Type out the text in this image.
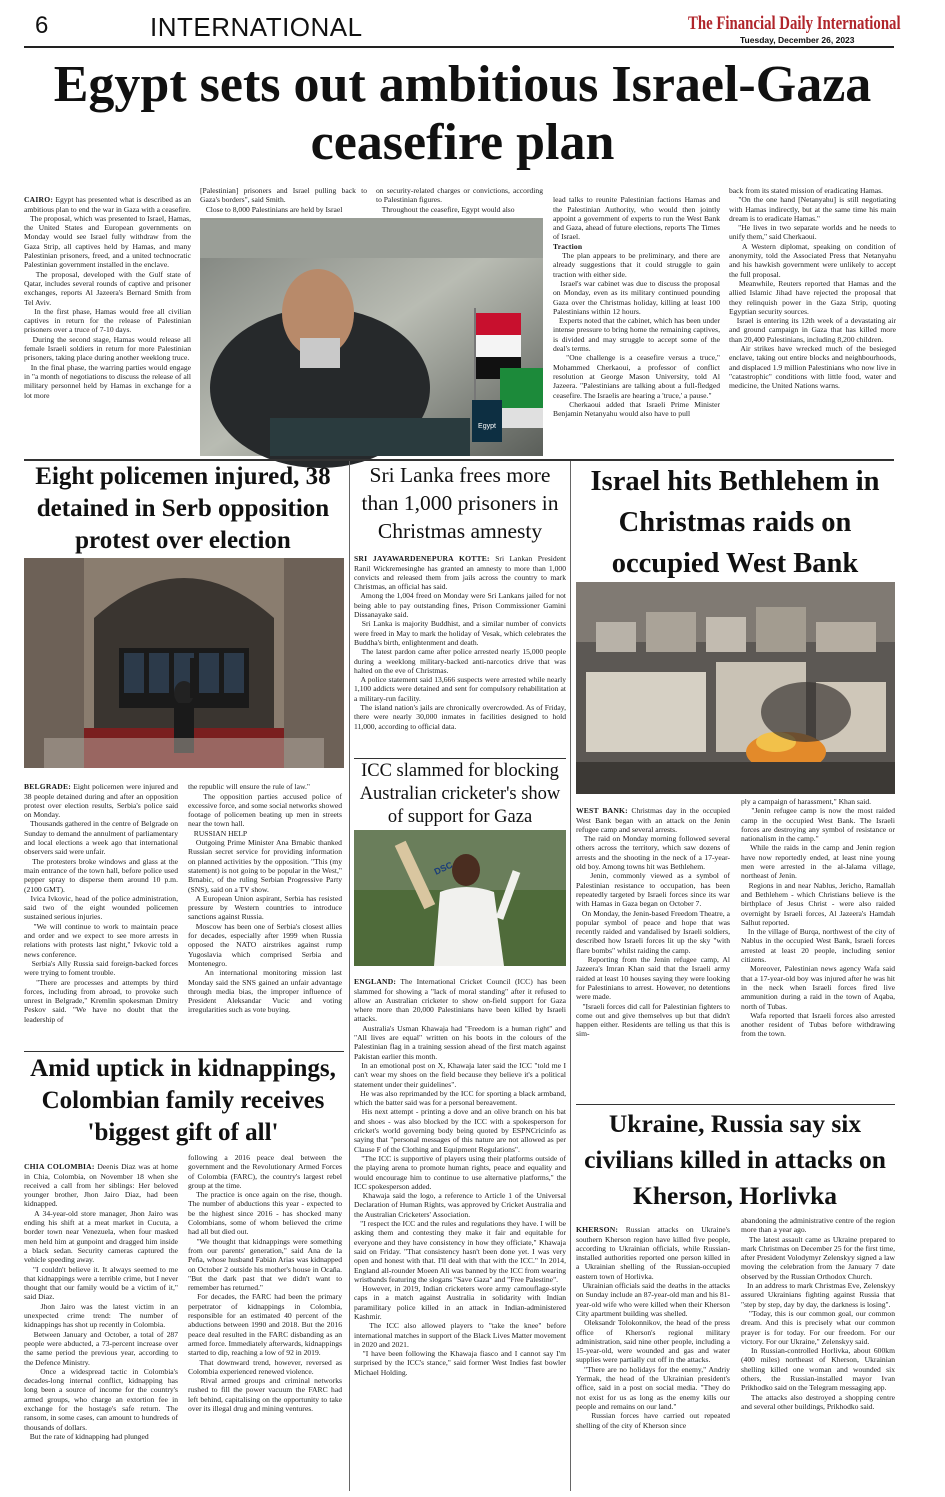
6	INTERNATIONAL	The Financial Daily International
Tuesday, December 26, 2023
Egypt sets out ambitious Israel-Gaza
ceasefire plan

CAIRO: Egypt has presented what is described as an ambitious plan to end the war in Gaza with a ceasefire.
The proposal, which was presented to Israel, Hamas, the United States and European governments on Monday would see Israel fully withdraw from the Gaza Strip, all captives held by Hamas, and many Palestinian prisoners, freed, and a united technocratic Palestinian government installed in the enclave.
The proposal, developed with the Gulf state of Qatar, includes several rounds of captive and prisoner exchanges, reports Al Jazeera's Bernard Smith from Tel Aviv.
In the first phase, Hamas would free all civilian captives in return for the release of Palestinian prisoners over a truce of 7-10 days.
During the second stage, Hamas would release all female Israeli soldiers in return for more Palestinian prisoners, taking place during another weeklong truce.
In the final phase, the warring parties would engage in "a month of negotiations to discuss the release of all military personnel held by Hamas in exchange for a lot more

[Palestinian] prisoners and Israel pulling back to Gaza's borders", said Smith.
Close to 8,000 Palestinians are held by Israel
on security-related charges or convictions, according to Palestinian figures.
Throughout the ceasefire, Egypt would also
Egypt

lead talks to reunite Palestinian factions Hamas and the Palestinian Authority, who would then jointly appoint a government of experts to run the West Bank and Gaza, ahead of future elections, reports The Times of Israel.
Traction
The plan appears to be preliminary, and there are already suggestions that it could struggle to gain traction with either side.
Israel's war cabinet was due to discuss the proposal on Monday, even as its military continued pounding Gaza over the Christmas holiday, killing at least 100 Palestinians within 12 hours.
Experts noted that the cabinet, which has been under intense pressure to bring home the remaining captives, is divided and may struggle to accept some of the deal's terms.
"One challenge is a ceasefire versus a truce," Mohammed Cherkaoui, a professor of conflict resolution at George Mason University, told Al Jazeera. "Palestinians are talking about a full-fledged ceasefire. The Israelis are hearing a 'truce,' a pause."
Cherkaoui added that Israeli Prime Minister Benjamin Netanyahu would also have to pull

back from its stated mission of eradicating Hamas.
"On the one hand [Netanyahu] is still negotiating with Hamas indirectly, but at the same time his main dream is to eradicate Hamas."
"He lives in two separate worlds and he needs to unify them," said Cherkaoui.
A Western diplomat, speaking on condition of anonymity, told the Associated Press that Netanyahu and his hawkish government were unlikely to accept the full proposal.
Meanwhile, Reuters reported that Hamas and the allied Islamic Jihad have rejected the proposal that they relinquish power in the Gaza Strip, quoting Egyptian security sources.
Israel is entering its 12th week of a devastating air and ground campaign in Gaza that has killed more than 20,400 Palestinians, including 8,200 children.
Air strikes have wrecked much of the besieged enclave, taking out entire blocks and neighbourhoods, and displaced 1.9 million Palestinians who now live in "catastrophic" conditions with little food, water and medicine, the United Nations warns.
Eight policemen injured, 38 detained in Serb opposition protest over election

BELGRADE: Eight policemen were injured and 38 people detained during and after an opposition protest over election results, Serbia's police said on Monday.
Thousands gathered in the centre of Belgrade on Sunday to demand the annulment of parliamentary and local elections a week ago that international observers said were unfair.
The protesters broke windows and glass at the main entrance of the town hall, before police used pepper spray to disperse them around 10 p.m. (2100 GMT).
Ivica Ivkovic, head of the police administration, said two of the eight wounded policemen sustained serious injuries.
"We will continue to work to maintain peace and order and we expect to see more arrests in relations with protests last night," Ivkovic told a news conference.
Serbia's Ally Russia said foreign-backed forces were trying to foment trouble.
"There are processes and attempts by third forces, including from abroad, to provoke such unrest in Belgrade," Kremlin spokesman Dmitry Peskov said. "We have no doubt that the leadership of

the republic will ensure the rule of law."
The opposition parties accused police of excessive force, and some social networks showed footage of policemen beating up men in streets near the town hall.
RUSSIAN HELP
Outgoing Prime Minister Ana Brnabic thanked Russian secret service for providing information on planned activities by the opposition. "This (my statement) is not going to be popular in the West," Brnabic, of the ruling Serbian Progressive Party (SNS), said on a TV show.
A European Union aspirant, Serbia has resisted pressure by Western countries to introduce sanctions against Russia.
Moscow has been one of Serbia's closest allies for decades, especially after 1999 when Russia opposed the NATO airstrikes against rump Yugoslavia which comprised Serbia and Montenegro.
An international monitoring mission last Monday said the SNS gained an unfair advantage through media bias, the improper influence of President Aleksandar Vucic and voting irregularities such as vote buying.

Amid uptick in kidnappings, Colombian family receives 'biggest gift of all'

CHIA COLOMBIA: Deenis Diaz was at home in Chia, Colombia, on November 18 when she received a call from her siblings: Her beloved younger brother, Jhon Jairo Diaz, had been kidnapped.
A 34-year-old store manager, Jhon Jairo was ending his shift at a meat market in Cucuta, a border town near Venezuela, when four masked men held him at gunpoint and dragged him inside a black sedan. Security cameras captured the vehicle speeding away.
"I couldn't believe it. It always seemed to me that kidnappings were a terrible crime, but I never thought that our family would be a victim of it," said Diaz.
Jhon Jairo was the latest victim in an unexpected crime trend: The number of kidnappings has shot up recently in Colombia.
Between January and October, a total of 287 people were abducted, a 73-percent increase over the same period the previous year, according to the Defence Ministry.
Once a widespread tactic in Colombia's decades-long internal conflict, kidnapping has long been a source of income for the country's armed groups, who charge an extortion fee in exchange for the hostage's safe return. The ransom, in some cases, can amount to hundreds of thousands of dollars.
But the rate of kidnapping had plunged

following a 2016 peace deal between the government and the Revolutionary Armed Forces of Colombia (FARC), the country's largest rebel group at the time.
The practice is once again on the rise, though. The number of abductions this year - expected to be the highest since 2016 - has shocked many Colombians, some of whom believed the crime had all but died out.
"We thought that kidnappings were something from our parents' generation," said Ana de la Peña, whose husband Fabián Arias was kidnapped on October 2 outside his mother's house in Ocaña. "But the dark past that we didn't want to remember has returned."
For decades, the FARC had been the primary perpetrator of kidnappings in Colombia, responsible for an estimated 40 percent of the abductions between 1990 and 2018. But the 2016 peace deal resulted in the FARC disbanding as an armed force. Immediately afterwards, kidnappings started to dip, reaching a low of 92 in 2019.
That downward trend, however, reversed as Colombia experienced renewed violence.
Rival armed groups and criminal networks rushed to fill the power vacuum the FARC had left behind, capitalising on the opportunity to take over its illegal drug and mining ventures.
Sri Lanka frees more than 1,000 prisoners in Christmas amnesty

SRI JAYAWARDENEPURA KOTTE: Sri Lankan President Ranil Wickremesinghe has granted an amnesty to more than 1,000 convicts and released them from jails across the country to mark Christmas, an official has said.
Among the 1,004 freed on Monday were Sri Lankans jailed for not being able to pay outstanding fines, Prison Commissioner Gamini Dissanayake said.
Sri Lanka is majority Buddhist, and a similar number of convicts were freed in May to mark the holiday of Vesak, which celebrates the Buddha's birth, enlightenment and death.
The latest pardon came after police arrested nearly 15,000 people during a weeklong military-backed anti-narcotics drive that was halted on the eve of Christmas.
A police statement said 13,666 suspects were arrested while nearly 1,100 addicts were detained and sent for compulsory rehabilitation at a military-run facility.
The island nation's jails are chronically overcrowded. As of Friday, there were nearly 30,000 inmates in facilities designed to hold 11,000, according to official data.

ICC slammed for blocking Australian cricketer's show of support for Gaza
DSC

ENGLAND: The International Cricket Council (ICC) has been slammed for showing a "lack of moral standing" after it refused to allow an Australian cricketer to show on-field support for Gaza where more than 20,000 Palestinians have been killed by Israeli attacks.
Australia's Usman Khawaja had "Freedom is a human right" and "All lives are equal" written on his boots in the colours of the Palestinian flag in a training session ahead of the first match against Pakistan earlier this month.
In an emotional post on X, Khawaja later said the ICC "told me I can't wear my shoes on the field because they believe it's a political statement under their guidelines".
He was also reprimanded by the ICC for sporting a black armband, which the batter said was for a personal bereavement.
His next attempt - printing a dove and an olive branch on his bat and shoes - was also blocked by the ICC with a spokesperson for cricket's world governing body being quoted by ESPNCricinfo as saying that "personal messages of this nature are not allowed as per Clause F of the Clothing and Equipment Regulations".
"The ICC is supportive of players using their platforms outside of the playing arena to promote human rights, peace and equality and would encourage him to continue to use alternative platforms," the ICC spokesperson added.
Khawaja said the logo, a reference to Article 1 of the Universal Declaration of Human Rights, was approved by Cricket Australia and the Australian Cricketers' Association.
"I respect the ICC and the rules and regulations they have. I will be asking them and contesting they make it fair and equitable for everyone and they have consistency in how they officiate," Khawaja said on Friday. "That consistency hasn't been done yet. I was very open and honest with that. I'll deal with that with the ICC." In 2014, England all-rounder Moeen Ali was banned by the ICC from wearing wristbands featuring the slogans "Save Gaza" and "Free Palestine".
However, in 2019, Indian cricketers wore army camouflage-style caps in a match against Australia in solidarity with Indian paramilitary police killed in an attack in Indian-administered Kashmir.
The ICC also allowed players to "take the knee" before international matches in support of the Black Lives Matter movement in 2020 and 2021.
"I have been following the Khawaja fiasco and I cannot say I'm surprised by the ICC's stance," said former West Indies fast bowler Michael Holding.

Israel hits Bethlehem in Christmas raids on occupied West Bank

WEST BANK: Christmas day in the occupied West Bank began with an attack on the Jenin refugee camp and several arrests.
The raid on Monday morning followed several others across the territory, which saw dozens of arrests and the shooting in the neck of a 17-year-old boy. Among towns hit was Bethlehem.
Jenin, commonly viewed as a symbol of Palestinian resistance to occupation, has been repeatedly targeted by Israeli forces since its war with Hamas in Gaza began on October 7.
On Monday, the Jenin-based Freedom Theatre, a popular symbol of peace and hope that was recently raided and vandalised by Israeli soldiers, described how Israeli forces lit up the sky "with flare bombs" whilst raiding the camp.
Reporting from the Jenin refugee camp, Al Jazeera's Imran Khan said that the Israeli army raided at least 10 houses saying they were looking for Palestinians to arrest. However, no detentions were made.
"Israeli forces did call for Palestinian fighters to come out and give themselves up but that didn't happen either. Residents are telling us that this is sim-

ply a campaign of harassment," Khan said.
"Jenin refugee camp is now the most raided camp in the occupied West Bank. The Israeli forces are destroying any symbol of resistance or nationalism in the camp."
While the raids in the camp and Jenin region have now reportedly ended, at least nine young men were arrested in the al-Jalama village, northeast of Jenin.
Regions in and near Nablus, Jericho, Ramallah and Bethlehem - which Christians believe is the birthplace of Jesus Christ - were also raided overnight by Israeli forces, Al Jazeera's Hamdah Salhut reported.
In the village of Burqa, northwest of the city of Nablus in the occupied West Bank, Israeli forces arrested at least 20 people, including senior citizens.
Moreover, Palestinian news agency Wafa said that a 17-year-old boy was injured after he was hit in the neck when Israeli forces fired live ammunition during a raid in the town of Aqaba, north of Tubas.
Wafa reported that Israeli forces also arrested another resident of Tubas before withdrawing from the town.
Ukraine, Russia say six civilians killed in attacks on Kherson, Horlivka

KHERSON: Russian attacks on Ukraine's southern Kherson region have killed five people, according to Ukrainian officials, while Russian-installed authorities reported one person killed in a Ukrainian shelling of the Russian-occupied eastern town of Horlivka.
Ukrainian officials said the deaths in the attacks on Sunday include an 87-year-old man and his 81-year-old wife who were killed when their Kherson City apartment building was shelled.
Oleksandr Tolokonnikov, the head of the press office of Kherson's regional military administration, said nine other people, including a 15-year-old, were wounded and gas and water supplies were partially cut off in the attacks.
"There are no holidays for the enemy," Andriy Yermak, the head of the Ukrainian president's office, said in a post on social media. "They do not exist for us as long as the enemy kills our people and remains on our land."
Russian forces have carried out repeated shelling of the city of Kherson since

abandoning the administrative centre of the region more than a year ago.
The latest assault came as Ukraine prepared to mark Christmas on December 25 for the first time, after President Volodymyr Zelenskyy signed a law moving the celebration from the January 7 date observed by the Russian Orthodox Church.
In an address to mark Christmas Eve, Zelenskyy assured Ukrainians fighting against Russia that "step by step, day by day, the darkness is losing".
"Today, this is our common goal, our common dream. And this is precisely what our common prayer is for today. For our freedom. For our victory. For our Ukraine," Zelenskyy said.
In Russian-controlled Horlivka, about 600km (400 miles) northeast of Kherson, Ukrainian shelling killed one woman and wounded six others, the Russian-installed mayor Ivan Prikhodko said on the Telegram messaging app.
The attacks also destroyed a shopping centre and several other buildings, Prikhodko said.
